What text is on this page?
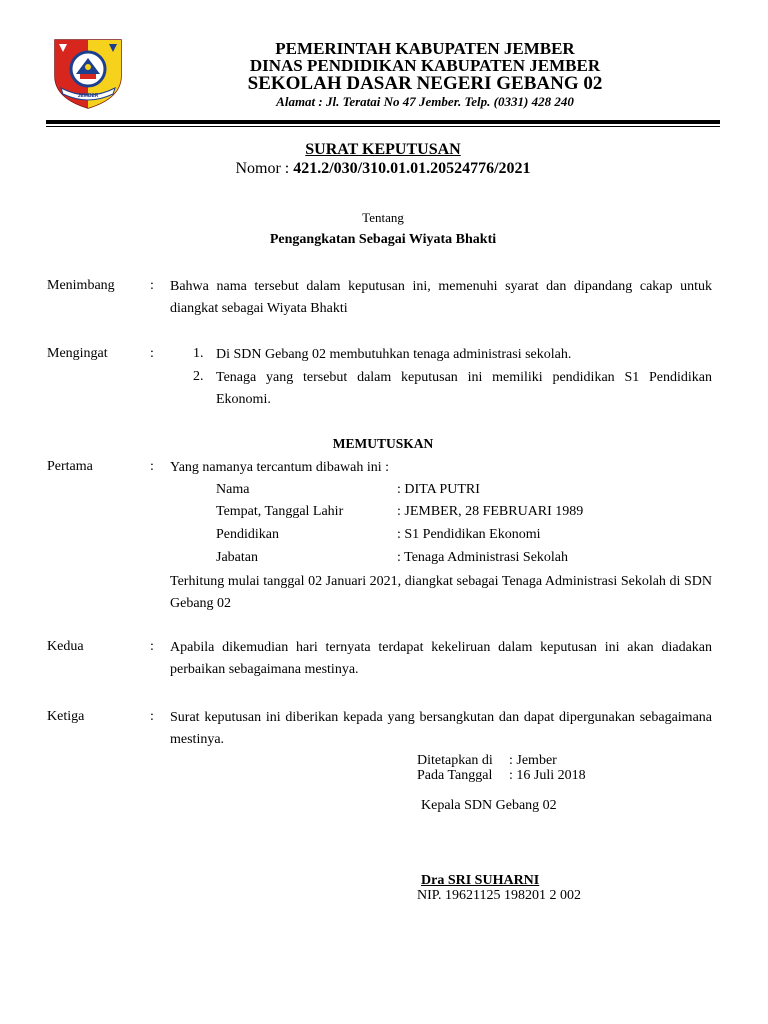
JEMBER
PEMERINTAH KABUPATEN JEMBER
DINAS PENDIDIKAN KABUPATEN JEMBER
SEKOLAH DASAR NEGERI GEBANG 02
Alamat : Jl. Teratai No 47 Jember. Telp. (0331) 428 240
SURAT KEPUTUSAN
Nomor : 421.2/030/310.01.01.20524776/2021
Tentang
Pengangkatan Sebagai Wiyata Bhakti
Menimbang	: Bahwa nama tersebut dalam keputusan ini, memenuhi syarat dan dipandang cakap untuk diangkat sebagai Wiyata Bhakti
Mengingat	:	1. Di SDN Gebang 02 membutuhkan tenaga administrasi sekolah.
2. Tenaga yang tersebut dalam keputusan ini memiliki pendidikan S1 Pendidikan Ekonomi.
MEMUTUSKAN
Pertama	: Yang namanya tercantum dibawah ini :
Nama	: DITA PUTRI
Tempat, Tanggal Lahir	: JEMBER, 28 FEBRUARI 1989
Pendidikan	: S1 Pendidikan Ekonomi
Jabatan	: Tenaga Administrasi Sekolah
Terhitung mulai tanggal 02 Januari 2021, diangkat sebagai Tenaga Administrasi Sekolah di SDN Gebang 02
Kedua	: Apabila dikemudian hari ternyata terdapat kekeliruan dalam keputusan ini akan diadakan perbaikan sebagaimana mestinya.
Ketiga	: Surat keputusan ini diberikan kepada yang bersangkutan dan dapat dipergunakan sebagaimana mestinya.
Ditetapkan di : Jember
Pada Tanggal : 16 Juli 2018
Kepala SDN Gebang 02
Dra SRI SUHARNI
NIP. 19621125 198201 2 002
